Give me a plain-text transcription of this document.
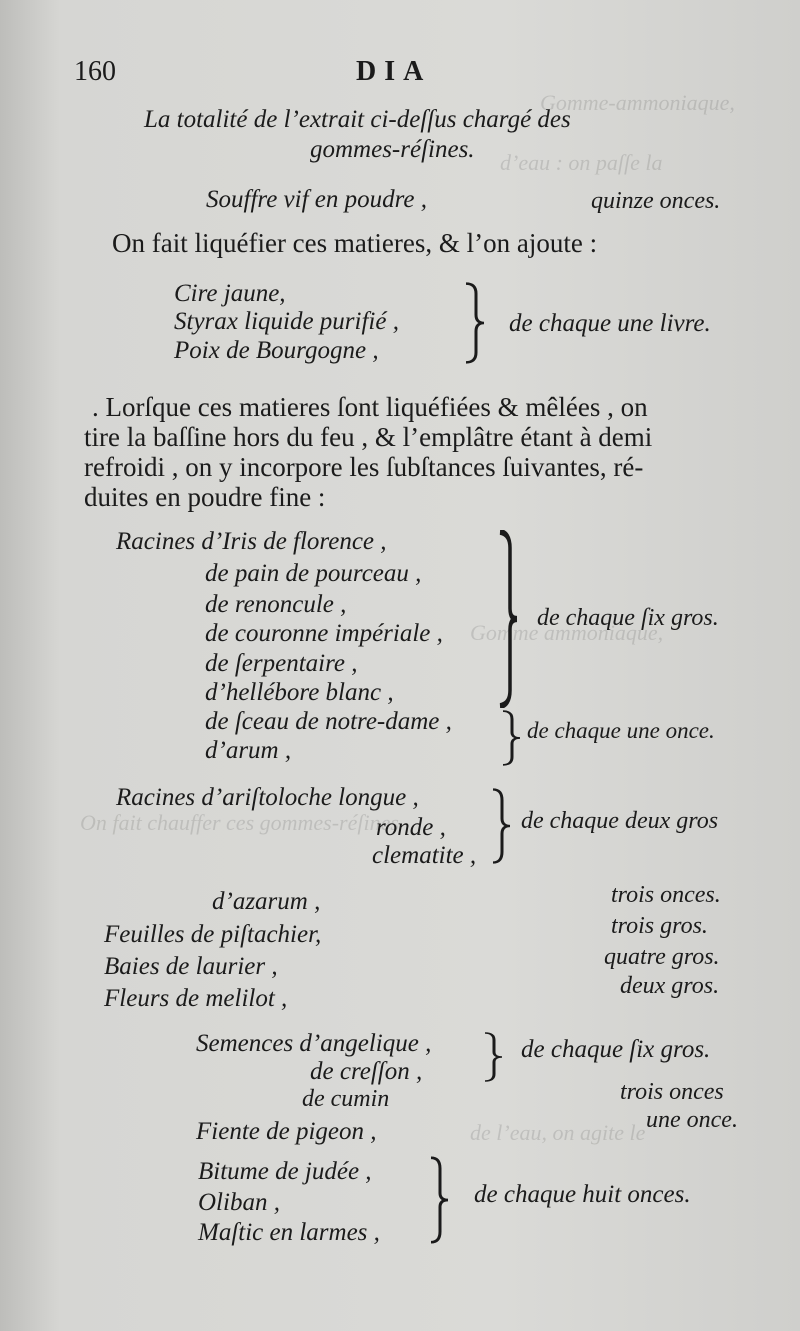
Gomme-ammoniaque,
d’eau : on paſſe la
Gomme ammoniaque,
On fait chauffer ces gommes-réſines
de l’eau, on agite le
160	DIA
La totalité de l’extrait ci-deſſus chargé des
gommes-réſines.
Souffre vif en poudre ,	quinze onces.
On fait liquéfier ces matieres, & l’on ajoute :
Cire jaune,
Styrax liquide purifié ,
Poix de Bourgogne ,
de chaque une livre.
. Lorſque ces matieres ſont liquéfiées & mêlées , on
tire la baſſine hors du feu , & l’emplâtre étant à demi
refroidi , on y incorpore les ſubſtances ſuivantes, ré-
duites en poudre fine :
Racines d’Iris de florence ,
de pain de pourceau ,
de renoncule ,
de couronne impériale ,
de ſerpentaire ,
d’hellébore blanc ,
de chaque ſix gros.
de ſceau de notre-dame ,
d’arum ,
de chaque une once.
Racines d’ariſtoloche longue ,
ronde ,
clematite ,
de chaque deux gros
d’azarum ,	trois onces.
Feuilles de piſtachier,	trois gros.
Baies de laurier ,	quatre gros.
Fleurs de melilot ,	deux gros.
Semences d’angelique ,
de creſſon ,
de chaque ſix gros.
de cumin	trois onces
Fiente de pigeon ,	une once.
Bitume de judée ,
Oliban ,
Maſtic en larmes ,
de chaque huit onces.
